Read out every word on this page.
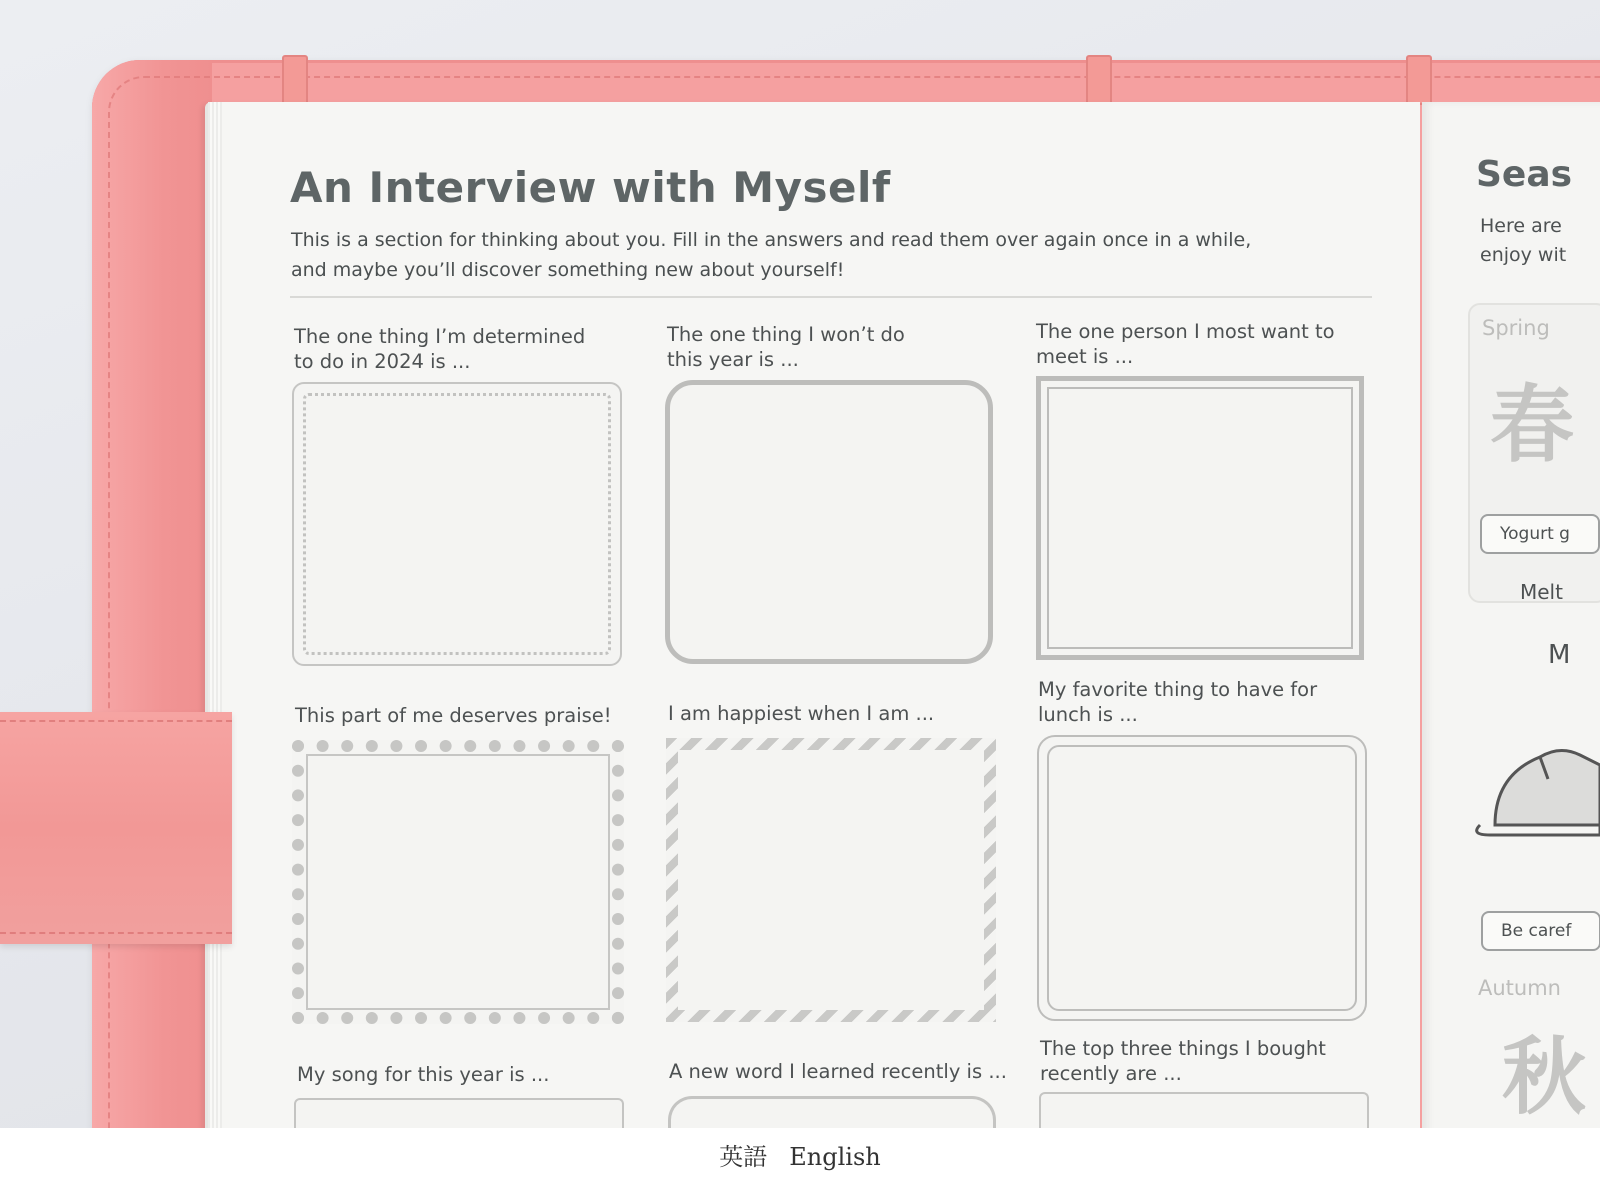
An Interview with Myself
This is a section for thinking about you. Fill in the answers and read them over again once in a while,
and maybe you’ll discover something new about yourself!
The one thing I’m determined
to do in 2024 is ...
The one thing I won’t do
this year is ...
The one person I most want to
meet is ...
This part of me deserves praise!	I am happiest when I am ...
My favorite thing to have for
lunch is ...
My song for this year is ...	A new word I learned recently is ...
The top three things I bought
recently are ...
Seas
Here are
enjoy wit
Spring
春
Yogurt g
Melt
M
Be caref
Autumn
秋
英語 English
